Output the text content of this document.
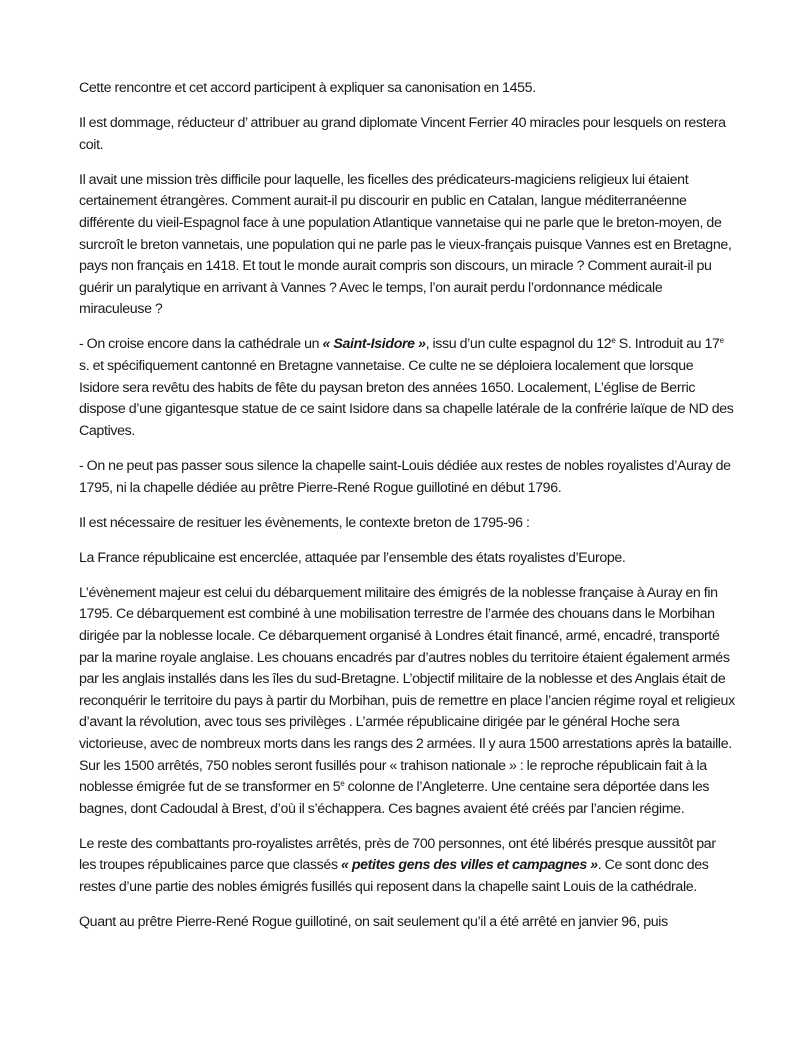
Cette rencontre et cet accord participent à expliquer sa canonisation en 1455.

Il est dommage, réducteur d’ attribuer au grand diplomate Vincent Ferrier 40 miracles pour lesquels on restera coit.

Il avait une mission très difficile pour laquelle, les ficelles des prédicateurs-magiciens religieux lui étaient certainement étrangères. Comment aurait-il pu discourir en public en Catalan, langue méditerranéenne différente du vieil-Espagnol face à une population Atlantique vannetaise qui ne parle que le breton-moyen, de surcroît le breton vannetais, une population qui ne parle pas le vieux-français puisque Vannes est en Bretagne, pays non français en 1418. Et tout le monde aurait compris son discours, un miracle ? Comment aurait-il pu guérir un paralytique en arrivant à Vannes ? Avec le temps, l’on aurait perdu l’ordonnance médicale miraculeuse ?

- On croise encore dans la cathédrale un « Saint-Isidore », issu d’un culte espagnol du 12e S. Introduit au 17e s. et spécifiquement cantonné en Bretagne vannetaise. Ce culte ne se déploiera localement que lorsque Isidore sera revêtu des habits de fête du paysan breton des années 1650. Localement, L’église de Berric dispose d’une gigantesque statue de ce saint Isidore dans sa chapelle latérale de la confrérie laïque de ND des Captives.

- On ne peut pas passer sous silence la chapelle saint-Louis dédiée aux restes de nobles royalistes d’Auray de 1795, ni la chapelle dédiée au prêtre Pierre-René Rogue guillotiné en début 1796.

Il est nécessaire de resituer les évènements, le contexte breton de 1795-96 :

La France républicaine est encerclée, attaquée par l’ensemble des états royalistes d’Europe.

L’évènement majeur est celui du débarquement militaire des émigrés de la noblesse française à Auray en fin 1795. Ce débarquement est combiné à une mobilisation terrestre de l’armée des chouans dans le Morbihan dirigée par la noblesse locale. Ce débarquement organisé à Londres était financé, armé, encadré, transporté par la marine royale anglaise. Les chouans encadrés par d’autres nobles du territoire étaient également armés par les anglais installés dans les îles du sud-Bretagne. L’objectif militaire de la noblesse et des Anglais était de reconquérir le territoire du pays à partir du Morbihan, puis de remettre en place l’ancien régime royal et religieux d’avant la révolution, avec tous ses privilèges . L’armée républicaine dirigée par le général Hoche sera victorieuse, avec de nombreux morts dans les rangs des 2 armées. Il y aura 1500 arrestations après la bataille. Sur les 1500 arrêtés, 750 nobles seront fusillés pour « trahison nationale » : le reproche républicain fait à la noblesse émigrée fut de se transformer en 5e colonne de l’Angleterre. Une centaine sera déportée dans les bagnes, dont Cadoudal à Brest, d’où il s’échappera. Ces bagnes avaient été créés par l’ancien régime.

Le reste des combattants pro-royalistes arrêtés, près de 700 personnes, ont été libérés presque aussitôt par les troupes républicaines parce que classés « petites gens des villes et campagnes ». Ce sont donc des restes d’une partie des nobles émigrés fusillés qui reposent dans la chapelle saint Louis de la cathédrale.

Quant au prêtre Pierre-René Rogue guillotiné, on sait seulement qu’il a été arrêté en janvier 96, puis
